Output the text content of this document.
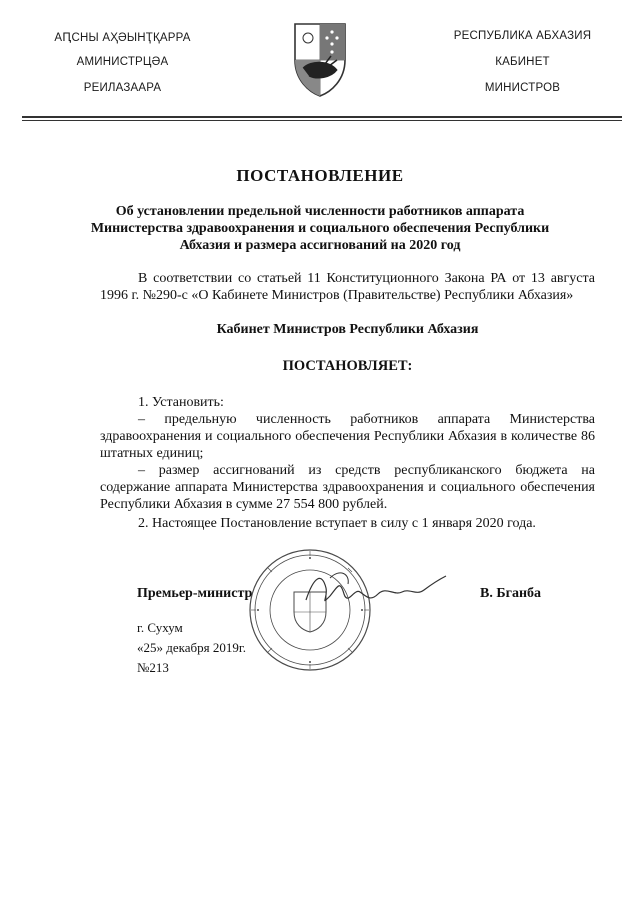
АԤСНЫ АҲӘЫНҬҚАРРА
АМИНИСТРЦӘА
РЕИЛАЗААРА
РЕСПУБЛИКА АБХАЗИЯ
КАБИНЕТ
МИНИСТРОВ
ПОСТАНОВЛЕНИЕ
Об установлении предельной численности работников аппарата Министерства здравоохранения и социального обеспечения Республики Абхазия и размера ассигнований на 2020 год
В соответствии со статьей 11 Конституционного Закона РА от 13 августа 1996 г. №290-с «О Кабинете Министров (Правительстве) Республики Абхазия»
Кабинет Министров Республики Абхазия
ПОСТАНОВЛЯЕТ:
1. Установить:
– предельную численность работников аппарата Министерства здравоохранения и социального обеспечения Республики Абхазия в количестве 86 штатных единиц;
– размер ассигнований из средств республиканского бюджета на содержание аппарата Министерства здравоохранения и социального обеспечения Республики Абхазия в сумме 27 554 800 рублей.
2. Настоящее Постановление вступает в силу с 1 января 2020 года.
Премьер-министр	В. Бганба
г. Сухум
«25» декабря 2019г.
№213
